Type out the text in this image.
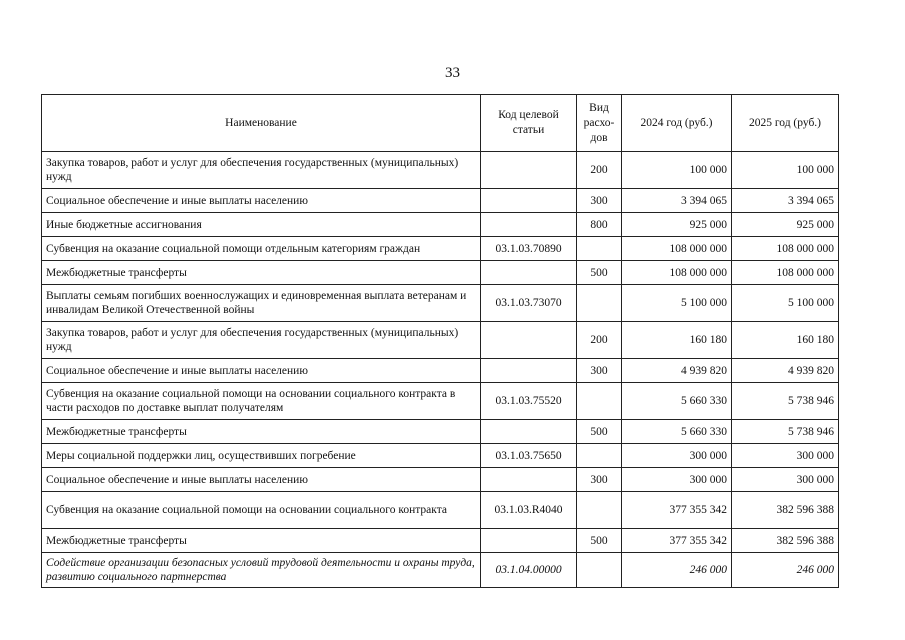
33
Наименование	Код целевой статьи	Вид расхо-дов	2024 год (руб.)	2025 год (руб.)
Закупка товаров, работ и услуг для обеспечения государственных (муниципальных) нужд		200	100 000	100 000
Социальное обеспечение и иные выплаты населению		300	3 394 065	3 394 065
Иные бюджетные ассигнования		800	925 000	925 000
Субвенция на оказание социальной помощи отдельным категориям граждан	03.1.03.70890		108 000 000	108 000 000
Межбюджетные трансферты		500	108 000 000	108 000 000
Выплаты семьям погибших военнослужащих и единовременная выплата ветеранам и инвалидам Великой Отечественной войны	03.1.03.73070		5 100 000	5 100 000
Закупка товаров, работ и услуг для обеспечения государственных (муниципальных) нужд		200	160 180	160 180
Социальное обеспечение и иные выплаты населению		300	4 939 820	4 939 820
Субвенция на оказание социальной помощи на основании социального контракта в части расходов по доставке выплат получателям	03.1.03.75520		5 660 330	5 738 946
Межбюджетные трансферты		500	5 660 330	5 738 946
Меры социальной поддержки лиц, осуществивших погребение	03.1.03.75650		300 000	300 000
Социальное обеспечение и иные выплаты населению		300	300 000	300 000
Субвенция на оказание социальной помощи на основании социального контракта	03.1.03.R4040		377 355 342	382 596 388
Межбюджетные трансферты		500	377 355 342	382 596 388
Содействие организации безопасных условий трудовой деятельности и охраны труда, развитию социального партнерства	03.1.04.00000		246 000	246 000
